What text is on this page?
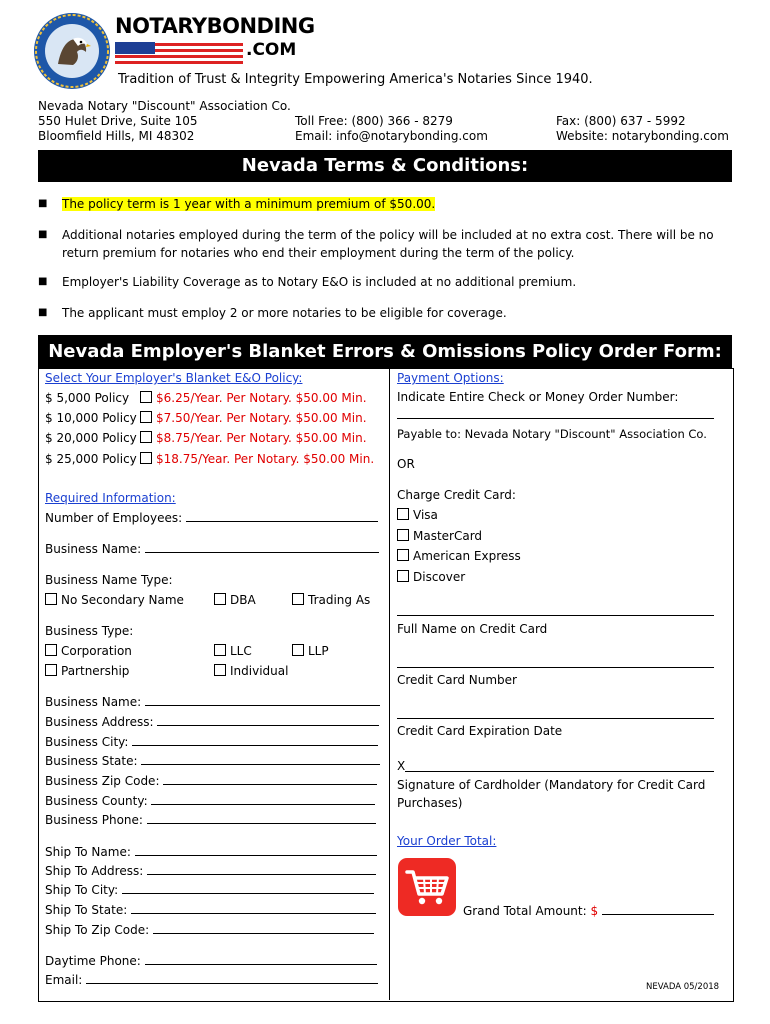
NOTARYBONDING
.COM
Tradition of Trust & Integrity Empowering America's Notaries Since 1940.
Nevada Notary "Discount" Association Co.
550 Hulet Drive, Suite 105
Bloomfield Hills, MI 48302
Toll Free: (800) 366 - 8279
Email: info@notarybonding.com
Fax: (800) 637 - 5992
Website: notarybonding.com
Nevada Terms & Conditions:
■ The policy term is 1 year with a minimum premium of $50.00.
■ Additional notaries employed during the term of the policy will be included at no extra cost. There will be no return premium for notaries who end their employment during the term of the policy.
■ Employer's Liability Coverage as to Notary E&O is included at no additional premium.
■ The applicant must employ 2 or more notaries to be eligible for coverage.
Nevada Employer's Blanket Errors & Omissions Policy Order Form:
Select Your Employer's Blanket E&O Policy:
$ 5,000 Policy $6.25/Year. Per Notary. $50.00 Min.
$ 10,000 Policy $7.50/Year. Per Notary. $50.00 Min.
$ 20,000 Policy $8.75/Year. Per Notary. $50.00 Min.
$ 25,000 Policy $18.75/Year. Per Notary. $50.00 Min.
Required Information:
Number of Employees:
Business Name:
Business Name Type:
No Secondary Name	DBA	Trading As
Business Type:
Corporation	LLC	LLP
Partnership	Individual
Business Name:
Business Address:
Business City:
Business State:
Business Zip Code:
Business County:
Business Phone:
Ship To Name:
Ship To Address:
Ship To City:
Ship To State:
Ship To Zip Code:
Daytime Phone:
Email:
Payment Options:
Indicate Entire Check or Money Order Number:
Payable to: Nevada Notary "Discount" Association Co.
OR
Charge Credit Card:
Visa
MasterCard
American Express
Discover
Full Name on Credit Card
Credit Card Number
Credit Card Expiration Date
X
Signature of Cardholder (Mandatory for Credit Card
Purchases)
Your Order Total:
Grand Total Amount: $
NEVADA 05/2018
